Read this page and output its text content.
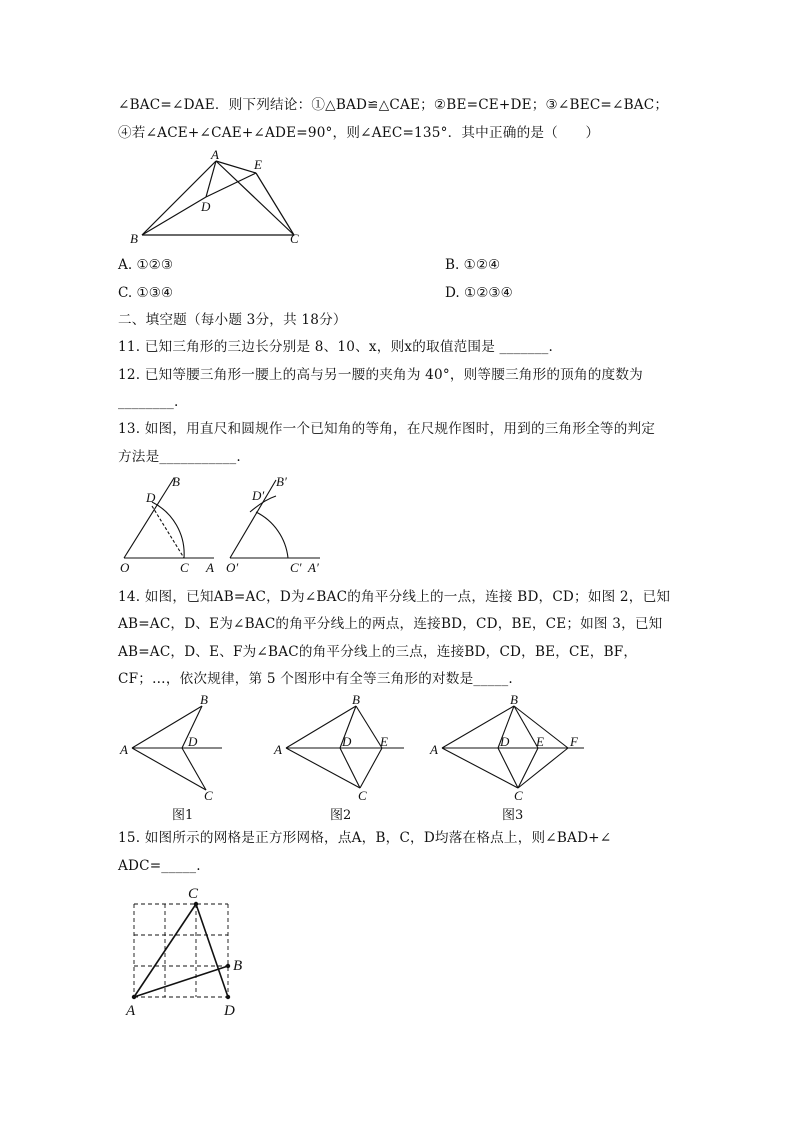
∠BAC=∠DAE．则下列结论：①△BAD≌△CAE；②BE=CE+DE；③∠BEC=∠BAC；
④若∠ACE+∠CAE+∠ADE=90°，则∠AEC=135°．其中正确的是（　　）
A
E
D
B	C
A. ①②③	B. ①②④
C. ①③④	D. ①②③④
二、填空题（每小题 3分，共 18分）
11. 已知三角形的三边长分别是 8、10、x，则x的取值范围是 _______.
12. 已知等腰三角形一腰上的高与另一腰的夹角为 40°，则等腰三角形的顶角的度数为
________.
13. 如图，用直尺和圆规作一个已知角的等角，在尺规作图时，用到的三角形全等的判定
方法是___________.
D
B
O	C A
D′
B′
O′	C′ A′
14. 如图，已知AB=AC，D为∠BAC的角平分线上的一点，连接 BD，CD；如图 2，已知
AB=AC，D、E为∠BAC的角平分线上的两点，连接BD，CD，BE，CE；如图 3，已知
AB=AC，D、E、F为∠BAC的角平分线上的三点，连接BD，CD，BE，CE，BF，
CF；…，依次规律，第 5 个图形中有全等三角形的对数是_____.
A
B
D
C
A
B
D E
C
A
B
D E F
C
图1	图2	图3
15. 如图所示的网格是正方形网格，点A，B，C，D均落在格点上，则∠BAD+∠
ADC=_____.
A
C
B
D
